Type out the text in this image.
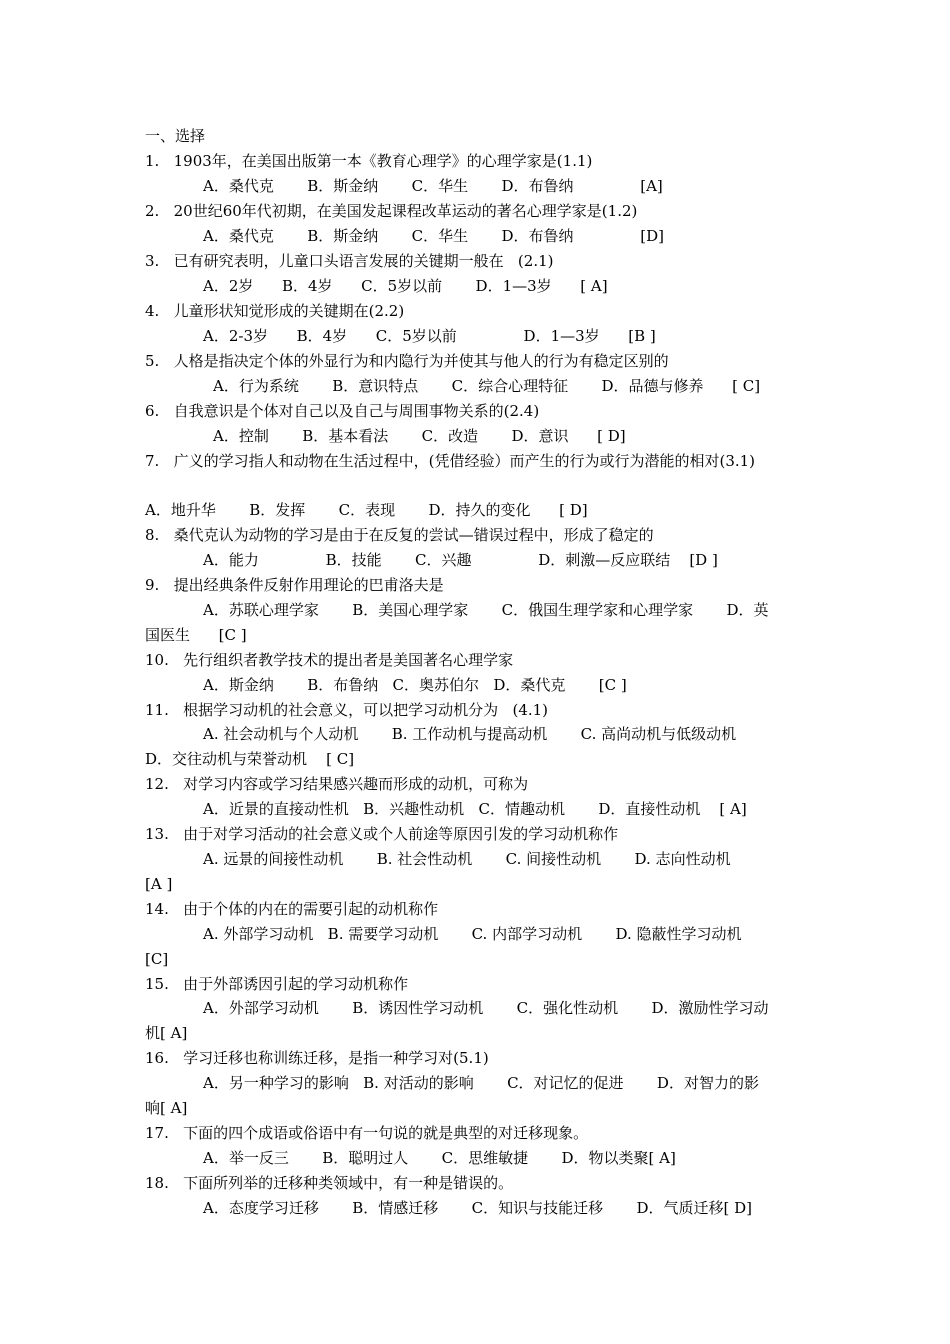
一、选择
1.   1903年，在美国出版第一本《教育心理学》的心理学家是(1.1)
A．桑代克       B．斯金纳       C．华生       D．布鲁纳              [A]
2.   20世纪60年代初期，在美国发起课程改革运动的著名心理学家是(1.2)
A．桑代克       B．斯金纳       C．华生       D．布鲁纳              [D]
3.   已有研究表明，儿童口头语言发展的关键期一般在   (2.1)
A．2岁      B．4岁      C．5岁以前       D．1—3岁      [ A]
4.   儿童形状知觉形成的关键期在(2.2)
A．2-3岁      B．4岁      C．5岁以前              D．1—3岁      [B ]
5.   人格是指决定个体的外显行为和内隐行为并使其与他人的行为有稳定区别的
A．行为系统       B．意识特点       C．综合心理特征       D．品德与修养      [ C]
6.   自我意识是个体对自己以及自己与周围事物关系的(2.4)
A．控制       B．基本看法       C．改造       D．意识      [ D]
7.   广义的学习指人和动物在生活过程中，(凭借经验）而产生的行为或行为潜能的相对(3.1)
A．地升华       B．发挥       C．表现       D．持久的变化      [ D]
8.   桑代克认为动物的学习是由于在反复的尝试—错误过程中，形成了稳定的
A．能力              B．技能       C．兴趣              D．刺激—反应联结    [D ]
9.   提出经典条件反射作用理论的巴甫洛夫是
A．苏联心理学家       B．美国心理学家       C．俄国生理学家和心理学家       D．英
国医生      [C ]
10.   先行组织者教学技术的提出者是美国著名心理学家
A．斯金纳       B．布鲁纳   C．奥苏伯尔   D．桑代克       [C ]
11.   根据学习动机的社会意义，可以把学习动机分为   (4.1)
A. 社会动机与个人动机       B. 工作动机与提高动机       C. 高尚动机与低级动机
D．交往动机与荣誉动机    [ C]
12.   对学习内容或学习结果感兴趣而形成的动机，可称为
A．近景的直接动性机   B．兴趣性动机   C．情趣动机       D．直接性动机    [ A]
13.   由于对学习活动的社会意义或个人前途等原因引发的学习动机称作
A. 远景的间接性动机       B. 社会性动机       C. 间接性动机       D. 志向性动机
[A ]
14.   由于个体的内在的需要引起的动机称作
A. 外部学习动机   B. 需要学习动机       C. 内部学习动机       D. 隐蔽性学习动机
[C]
15.   由于外部诱因引起的学习动机称作
A．外部学习动机       B．诱因性学习动机       C．强化性动机       D．激励性学习动
机[ A]
16.   学习迁移也称训练迁移，是指一种学习对(5.1)
A．另一种学习的影响   B. 对活动的影响       C．对记忆的促进       D．对智力的影
响[ A]
17.   下面的四个成语或俗语中有一句说的就是典型的对迁移现象。
A．举一反三       B．聪明过人       C．思维敏捷       D．物以类聚[ A]
18.   下面所列举的迁移种类领域中，有一种是错误的。
A．态度学习迁移       B．情感迁移       C．知识与技能迁移       D．气质迁移[ D]
